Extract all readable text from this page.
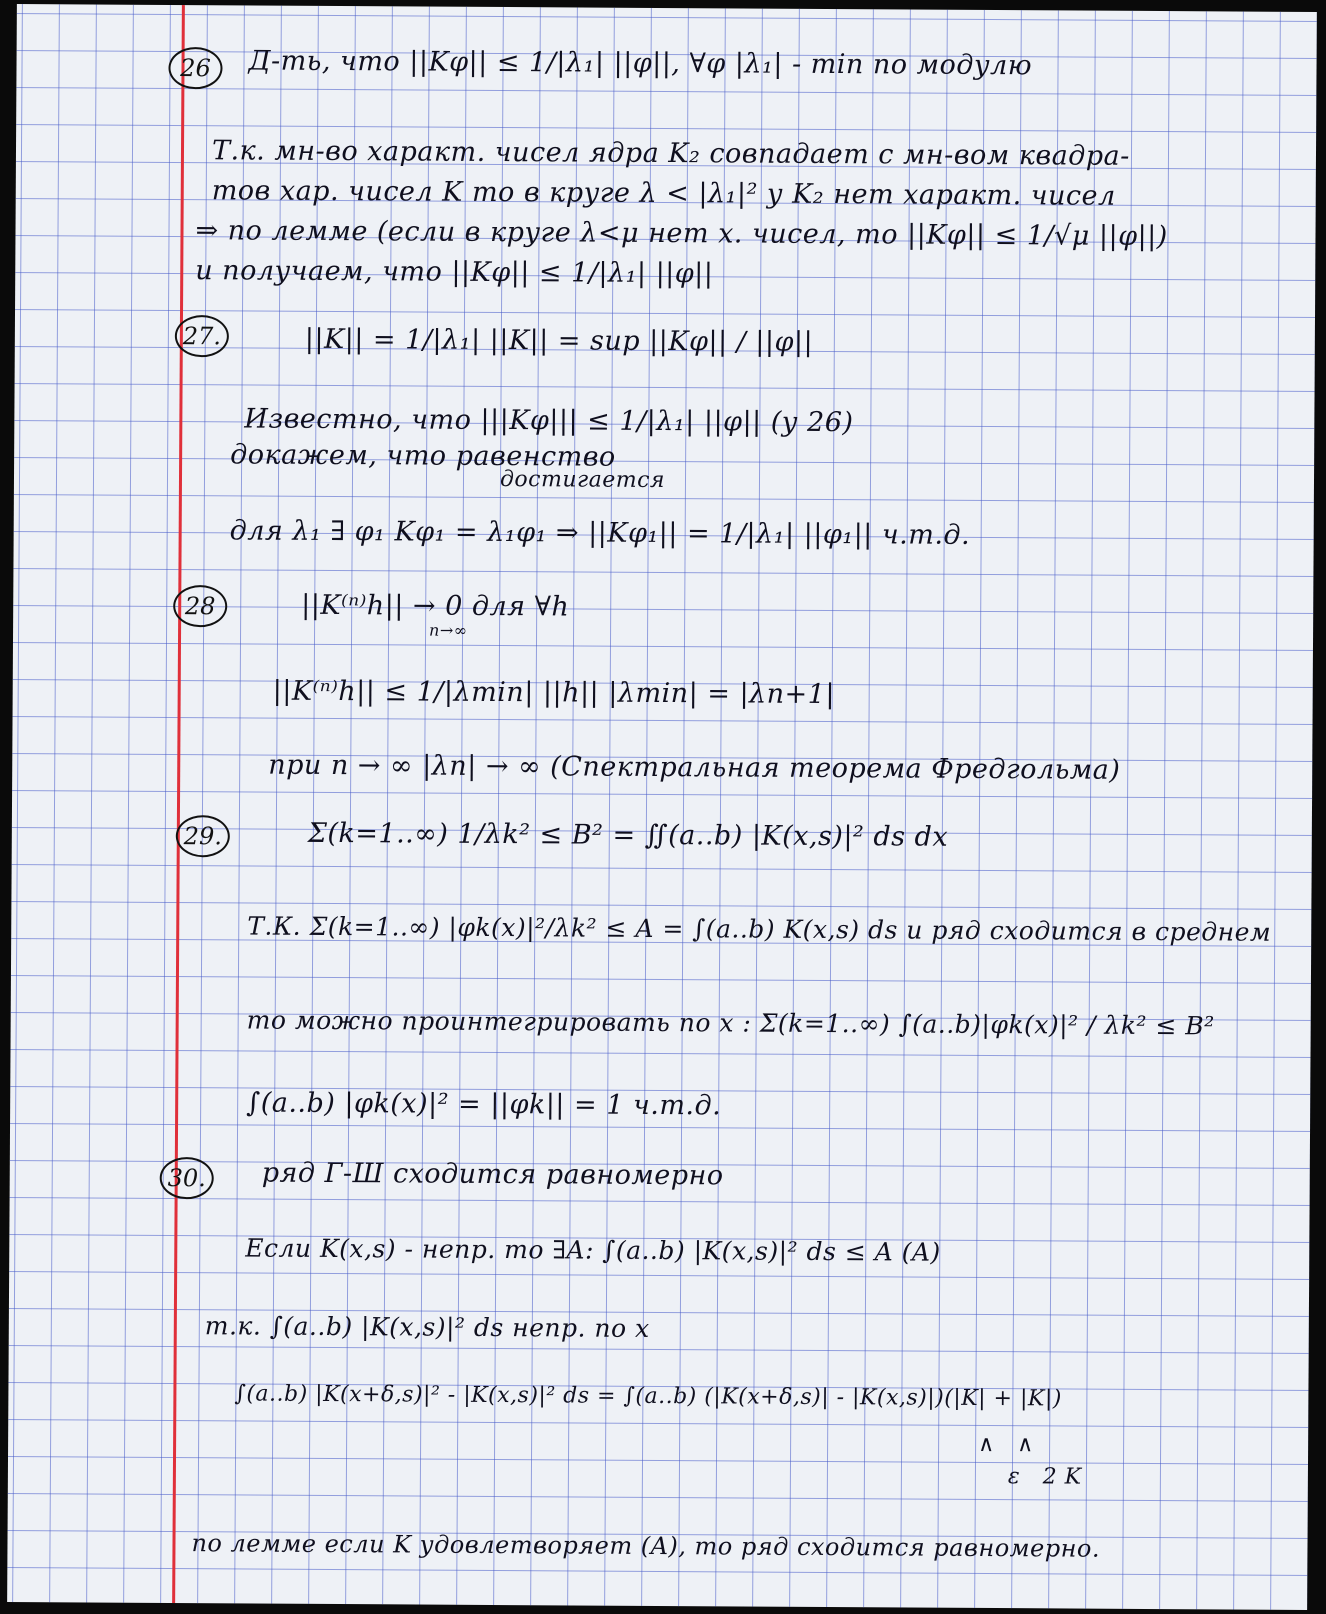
26	Д-ть, что ||Kφ|| ≤ 1/|λ₁| ||φ||, ∀φ |λ₁| - min по модулю
Т.к. мн-во характ. чисел ядра K₂ совпадает с мн-вом квадра-
тов хар. чисел K то в круге λ < |λ₁|² у K₂ нет характ. чисел
⇒ по лемме (если в круге λ<μ нет х. чисел, то ||Kφ|| ≤ 1/√μ ||φ||)
и получаем, что ||Kφ|| ≤ 1/|λ₁| ||φ||
27.	||K|| = 1/|λ₁| ||K|| = sup ||Kφ|| / ||φ||
Известно, что |||Kφ||| ≤ 1/|λ₁| ||φ|| (у 26)
докажем, что равенство
достигается
для λ₁ ∃ φ₁ Kφ₁ = λ₁φ₁ ⇒ ||Kφ₁|| = 1/|λ₁| ||φ₁|| ч.т.д.
28	||K⁽ⁿ⁾h|| → 0 для ∀h
n→∞
||K⁽ⁿ⁾h|| ≤ 1/|λmin| ||h|| |λmin| = |λn+1|
при n → ∞ |λn| → ∞ (Спектральная теорема Фредгольма)
29.	Σ(k=1..∞) 1/λk² ≤ B² = ∬(a..b) |K(x,s)|² ds dx
Т.К. Σ(k=1..∞) |φk(x)|²/λk² ≤ A = ∫(a..b) K(x,s) ds и ряд сходится в среднем
то можно проинтегрировать по x : Σ(k=1..∞) ∫(a..b)|φk(x)|² / λk² ≤ B²
∫(a..b) |φk(x)|² = ||φk|| = 1 ч.т.д.
30. ряд Г-Ш сходится равномерно
Если K(x,s) - непр. то ∃A: ∫(a..b) |K(x,s)|² ds ≤ A (A)
т.к. ∫(a..b) |K(x,s)|² ds непр. по x
∫(a..b) |K(x+δ,s)|² - |K(x,s)|² ds = ∫(a..b) (|K(x+δ,s)| - |K(x,s)|)(|K| + |K|)
∧ ∧
ε 2K
по лемме если K удовлетворяет (A), то ряд сходится равномерно.
